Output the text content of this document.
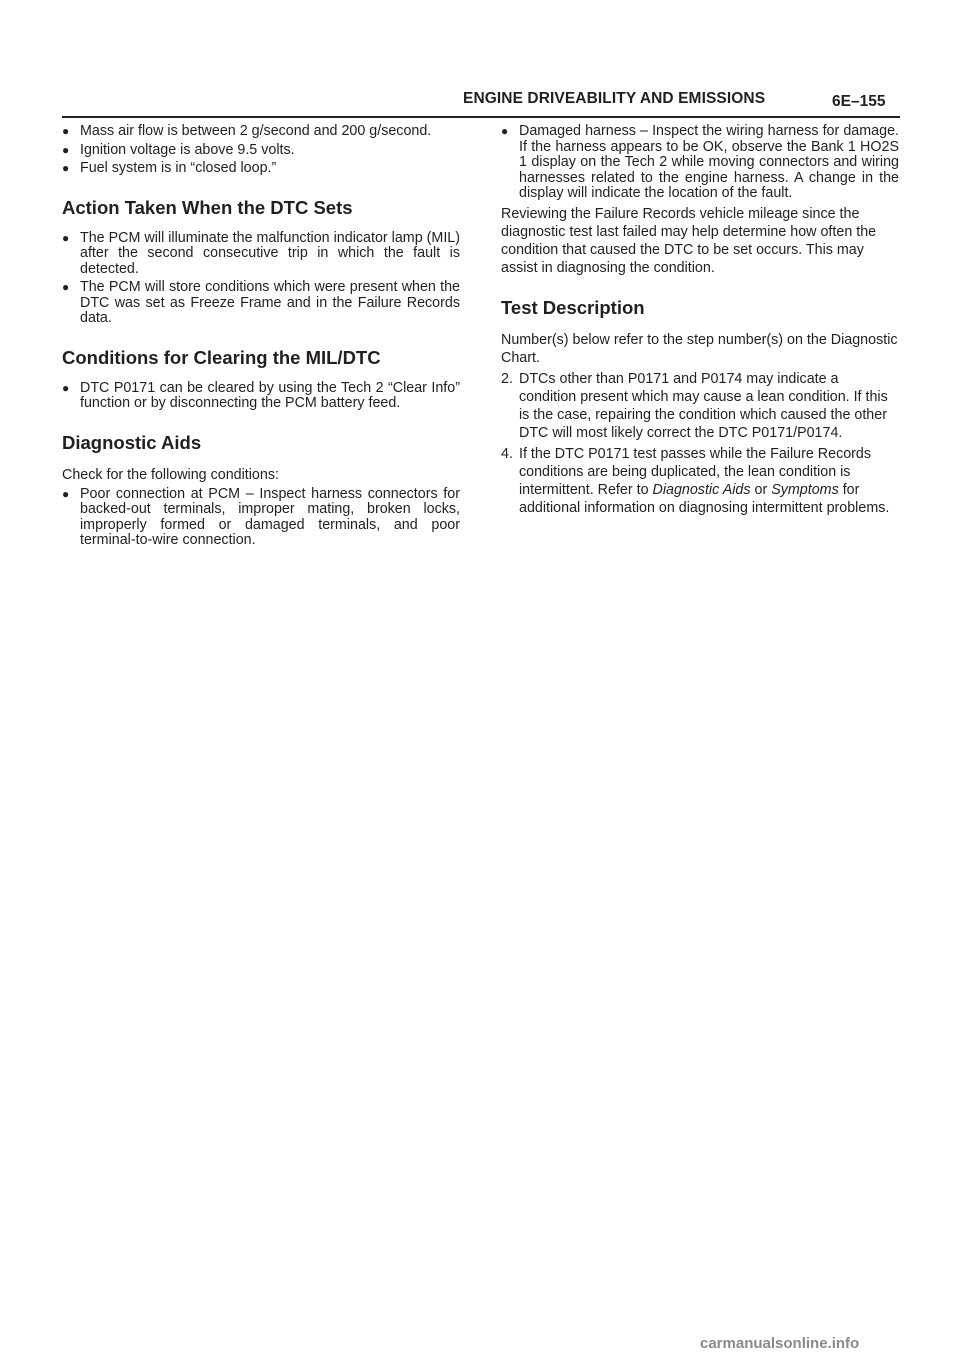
ENGINE DRIVEABILITY AND EMISSIONS	6E–155
● Mass air flow is between 2 g/second and 200 g/second.
● Ignition voltage is above 9.5 volts.
● Fuel system is in “closed loop.”
Action Taken When the DTC Sets
● The PCM will illuminate the malfunction indicator lamp (MIL) after the second consecutive trip in which the fault is detected.
● The PCM will store conditions which were present when the DTC was set as Freeze Frame and in the Failure Records data.
Conditions for Clearing the MIL/DTC
● DTC P0171 can be cleared by using the Tech 2 “Clear Info” function or by disconnecting the PCM battery feed.
Diagnostic Aids

Check for the following conditions:

● Poor connection at PCM – Inspect harness connectors for backed-out terminals, improper mating, broken locks, improperly formed or damaged terminals, and poor terminal-to-wire connection.
● Damaged harness – Inspect the wiring harness for damage. If the harness appears to be OK, observe the Bank 1 HO2S 1 display on the Tech 2 while moving connectors and wiring harnesses related to the engine harness. A change in the display will indicate the location of the fault.

Reviewing the Failure Records vehicle mileage since the diagnostic test last failed may help determine how often the condition that caused the DTC to be set occurs. This may assist in diagnosing the condition.

Test Description

Number(s) below refer to the step number(s) on the Diagnostic Chart.

2. DTCs other than P0171 and P0174 may indicate a condition present which may cause a lean condition. If this is the case, repairing the condition which caused the other DTC will most likely correct the DTC P0171/P0174.
4. If the DTC P0171 test passes while the Failure Records conditions are being duplicated, the lean condition is intermittent. Refer to Diagnostic Aids or Symptoms for additional information on diagnosing intermittent problems.
carmanualsonline.info
